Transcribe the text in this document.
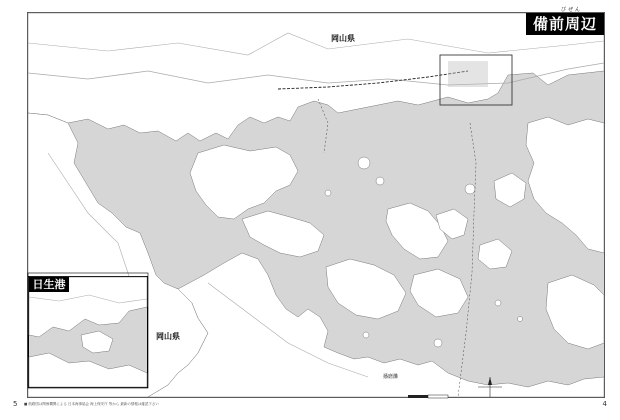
びぜん
備前周辺
岡山県
岡山県
播磨灘
日生港
5	4
■ 航路図は関係機関による 日本海事協会 海上保安庁 等から 最新の情報は確認下さい
